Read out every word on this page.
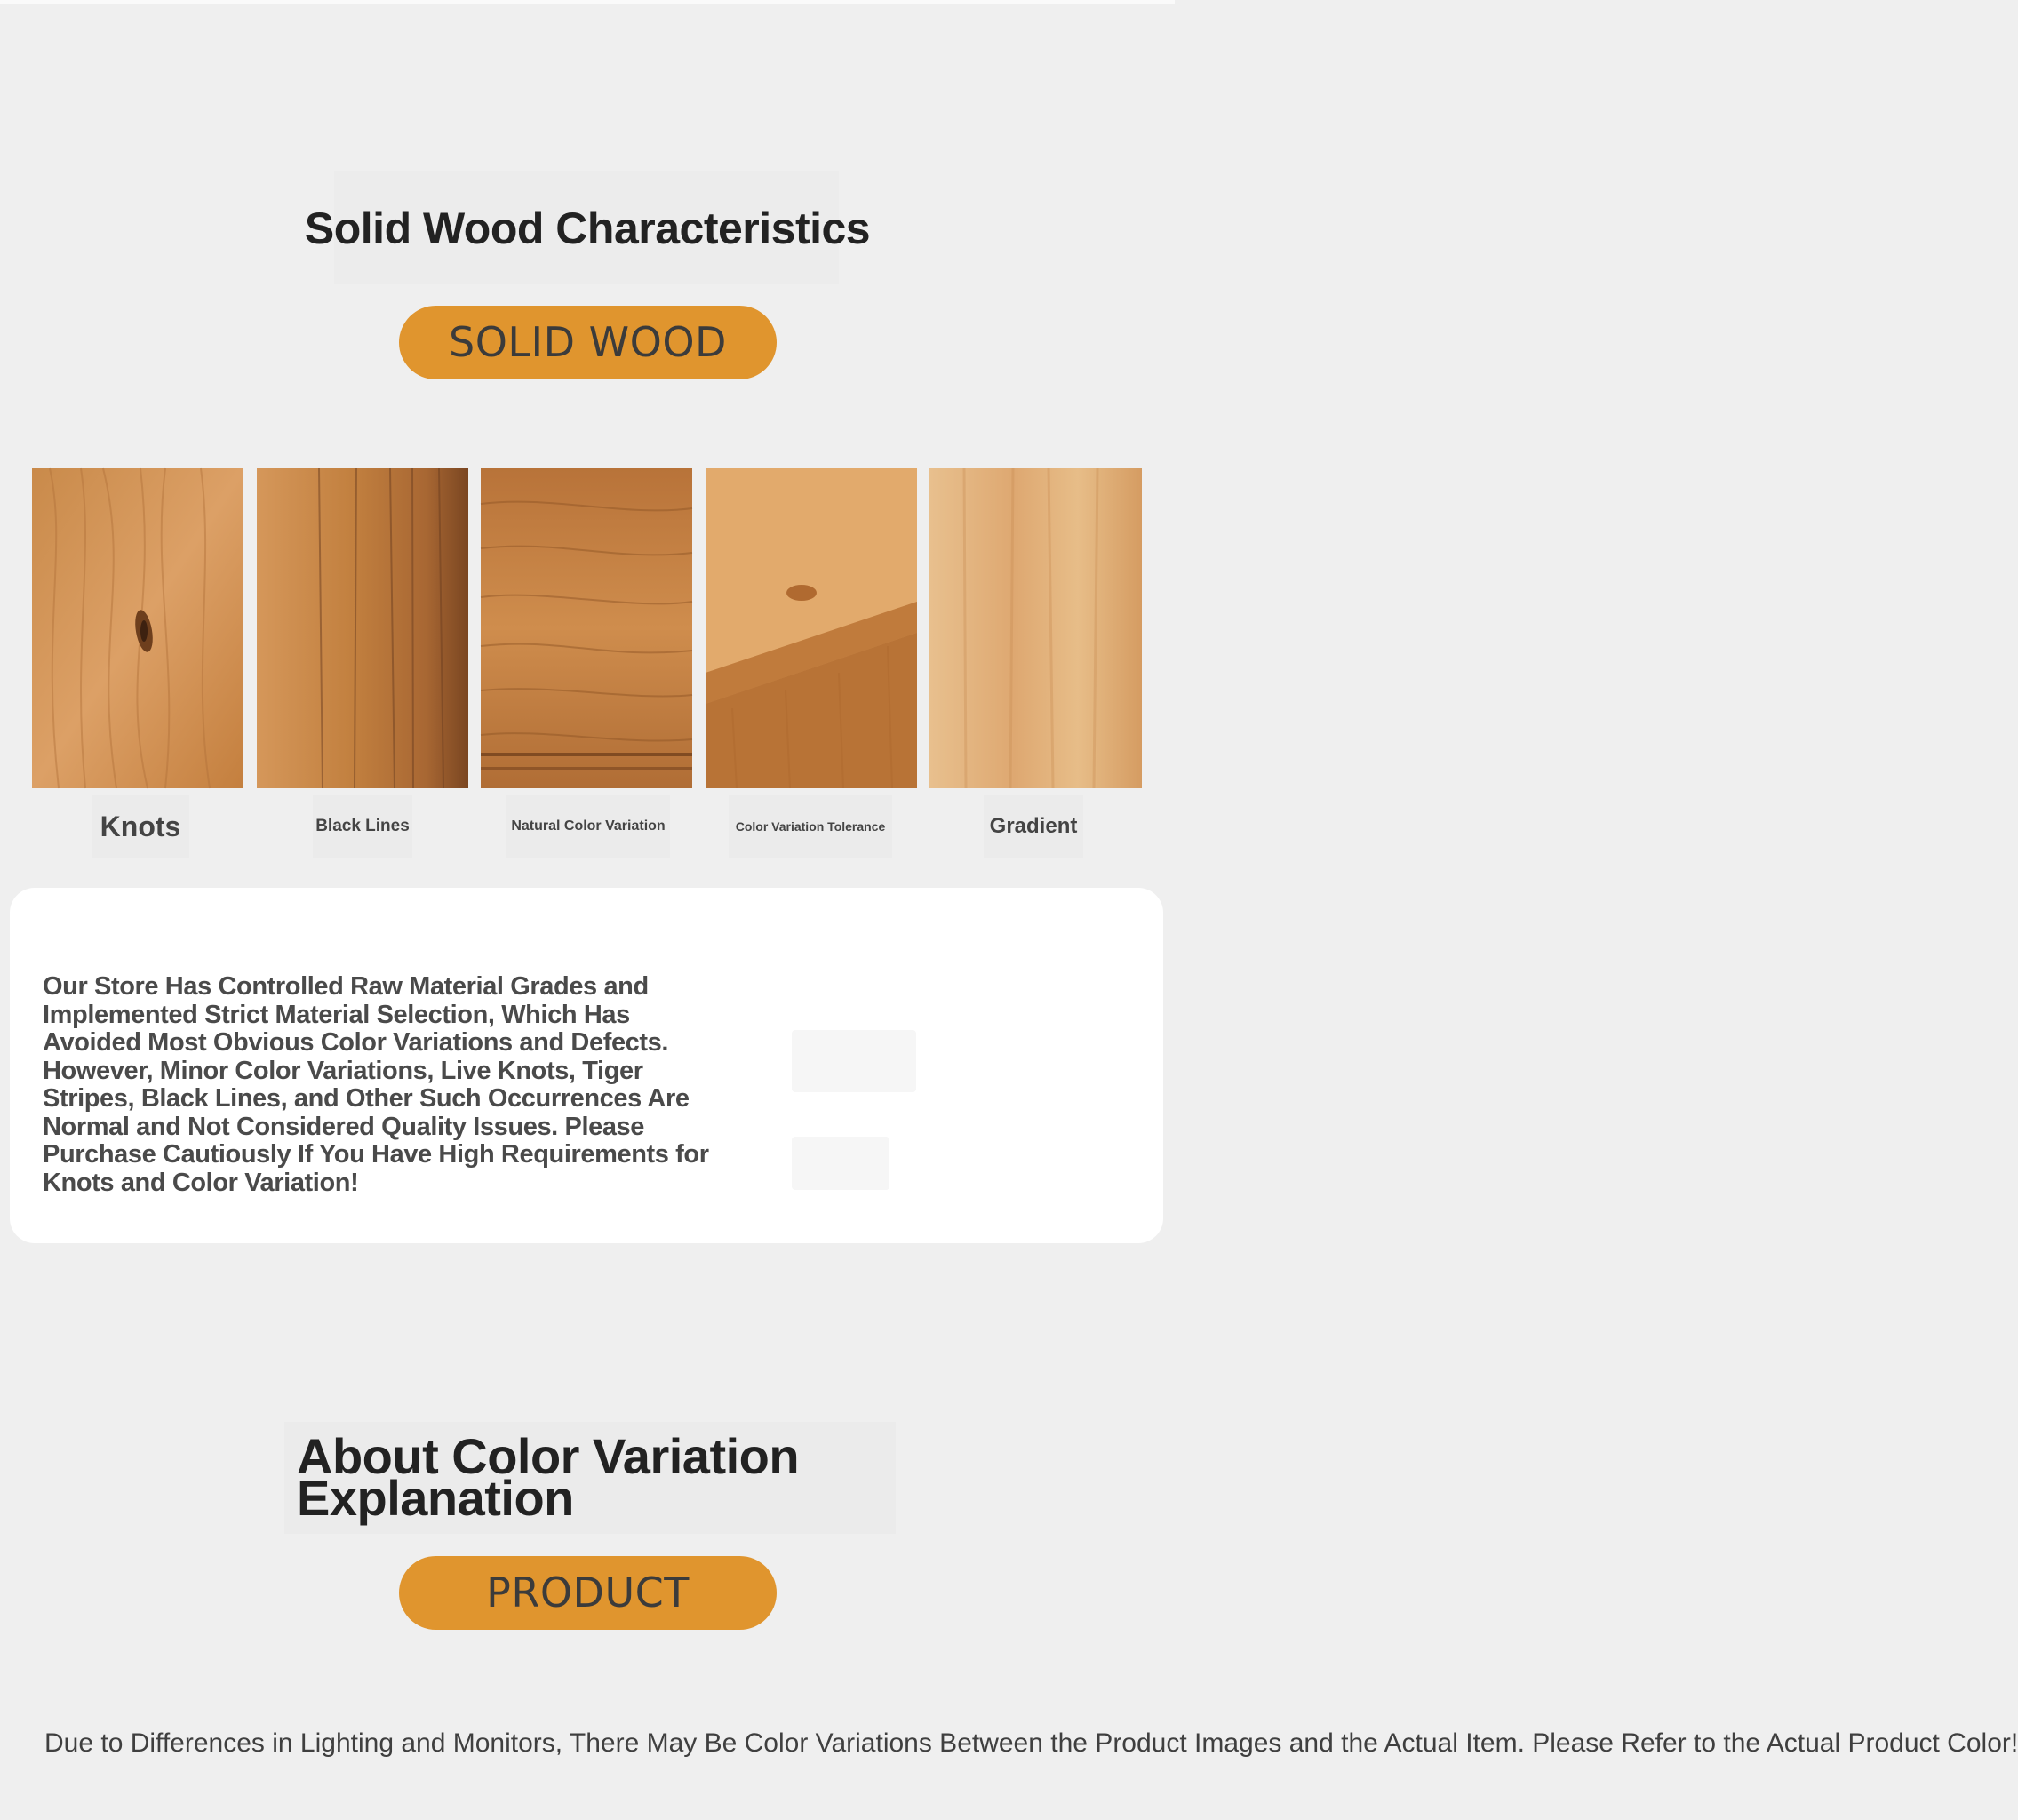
Solid Wood Characteristics
SOLID WOOD
Knots	Black Lines	Natural Color Variation	Color Variation Tolerance	Gradient

Our Store Has Controlled Raw Material Grades and Implemented Strict Material Selection, Which Has Avoided Most Obvious Color Variations and Defects. However, Minor Color Variations, Live Knots, Tiger Stripes, Black Lines, and Other Such Occurrences Are Normal and Not Considered Quality Issues. Please Purchase Cautiously If You Have High Requirements for Knots and Color Variation!

About Color Variation Explanation
PRODUCT

Due to Differences in Lighting and Monitors, There May Be Color Variations Between the Product Images and the Actual Item. Please Refer to the Actual Product Color!
